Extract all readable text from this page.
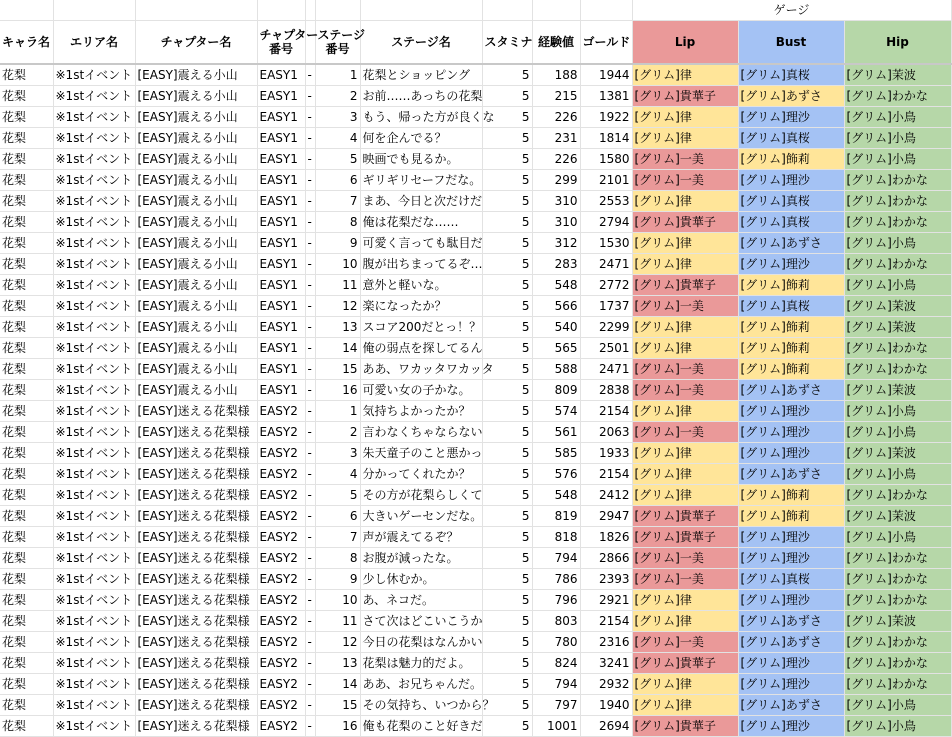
										ゲージ		
キャラ名	エリア名	チャプター名	チャプター
番号		ステージ
番号	ステージ名	スタミナ	経験値	ゴールド	Lip	Bust	Hip
花梨	※1stイベント	[EASY]震える小山	EASY1	-	1	花梨とショッピング	5	188	1944	[グリム]律	[グリム]真桜	[グリム]茉波
花梨	※1stイベント	[EASY]震える小山	EASY1	-	2	お前……あっちの花梨	5	215	1381	[グリム]貴華子	[グリム]あずさ	[グリム]わかな
花梨	※1stイベント	[EASY]震える小山	EASY1	-	3	もう、帰った方が良くな	5	226	1922	[グリム]律	[グリム]理沙	[グリム]小鳥
花梨	※1stイベント	[EASY]震える小山	EASY1	-	4	何を企んでる？	5	231	1814	[グリム]律	[グリム]真桜	[グリム]小鳥
花梨	※1stイベント	[EASY]震える小山	EASY1	-	5	映画でも見るか。	5	226	1580	[グリム]一美	[グリム]飾莉	[グリム]小鳥
花梨	※1stイベント	[EASY]震える小山	EASY1	-	6	ギリギリセーフだな。	5	299	2101	[グリム]一美	[グリム]理沙	[グリム]わかな
花梨	※1stイベント	[EASY]震える小山	EASY1	-	7	まあ、今日と次だけだ	5	310	2553	[グリム]律	[グリム]真桜	[グリム]わかな
花梨	※1stイベント	[EASY]震える小山	EASY1	-	8	俺は花梨だな……	5	310	2794	[グリム]貴華子	[グリム]真桜	[グリム]わかな
花梨	※1stイベント	[EASY]震える小山	EASY1	-	9	可愛く言っても駄目だ	5	312	1530	[グリム]律	[グリム]あずさ	[グリム]小鳥
花梨	※1stイベント	[EASY]震える小山	EASY1	-	10	腹が出ちまってるぞ…	5	283	2471	[グリム]律	[グリム]理沙	[グリム]わかな
花梨	※1stイベント	[EASY]震える小山	EASY1	-	11	意外と軽いな。	5	548	2772	[グリム]貴華子	[グリム]飾莉	[グリム]小鳥
花梨	※1stイベント	[EASY]震える小山	EASY1	-	12	楽になったか？	5	566	1737	[グリム]一美	[グリム]真桜	[グリム]茉波
花梨	※1stイベント	[EASY]震える小山	EASY1	-	13	スコア200だとっ！？	5	540	2299	[グリム]律	[グリム]飾莉	[グリム]茉波
花梨	※1stイベント	[EASY]震える小山	EASY1	-	14	俺の弱点を探してるん	5	565	2501	[グリム]律	[グリム]飾莉	[グリム]わかな
花梨	※1stイベント	[EASY]震える小山	EASY1	-	15	ああ、ワカッタワカッタ	5	588	2471	[グリム]一美	[グリム]飾莉	[グリム]わかな
花梨	※1stイベント	[EASY]震える小山	EASY1	-	16	可愛い女の子かな。	5	809	2838	[グリム]一美	[グリム]あずさ	[グリム]茉波
花梨	※1stイベント	[EASY]迷える花梨様	EASY2	-	1	気持ちよかったか？	5	574	2154	[グリム]律	[グリム]理沙	[グリム]小鳥
花梨	※1stイベント	[EASY]迷える花梨様	EASY2	-	2	言わなくちゃならない	5	561	2063	[グリム]一美	[グリム]理沙	[グリム]小鳥
花梨	※1stイベント	[EASY]迷える花梨様	EASY2	-	3	朱天童子のこと悪かっ	5	585	1933	[グリム]律	[グリム]理沙	[グリム]茉波
花梨	※1stイベント	[EASY]迷える花梨様	EASY2	-	4	分かってくれたか？	5	576	2154	[グリム]律	[グリム]あずさ	[グリム]小鳥
花梨	※1stイベント	[EASY]迷える花梨様	EASY2	-	5	その方が花梨らしくて	5	548	2412	[グリム]律	[グリム]飾莉	[グリム]わかな
花梨	※1stイベント	[EASY]迷える花梨様	EASY2	-	6	大きいゲーセンだな。	5	819	2947	[グリム]貴華子	[グリム]飾莉	[グリム]茉波
花梨	※1stイベント	[EASY]迷える花梨様	EASY2	-	7	声が震えてるぞ？	5	818	1826	[グリム]貴華子	[グリム]理沙	[グリム]小鳥
花梨	※1stイベント	[EASY]迷える花梨様	EASY2	-	8	お腹が減ったな。	5	794	2866	[グリム]一美	[グリム]理沙	[グリム]わかな
花梨	※1stイベント	[EASY]迷える花梨様	EASY2	-	9	少し休むか。	5	786	2393	[グリム]一美	[グリム]真桜	[グリム]わかな
花梨	※1stイベント	[EASY]迷える花梨様	EASY2	-	10	あ、ネコだ。	5	796	2921	[グリム]律	[グリム]理沙	[グリム]わかな
花梨	※1stイベント	[EASY]迷える花梨様	EASY2	-	11	さて次はどこいこうか	5	803	2154	[グリム]律	[グリム]あずさ	[グリム]茉波
花梨	※1stイベント	[EASY]迷える花梨様	EASY2	-	12	今日の花梨はなんかい	5	780	2316	[グリム]一美	[グリム]あずさ	[グリム]わかな
花梨	※1stイベント	[EASY]迷える花梨様	EASY2	-	13	花梨は魅力的だよ。	5	824	3241	[グリム]貴華子	[グリム]理沙	[グリム]わかな
花梨	※1stイベント	[EASY]迷える花梨様	EASY2	-	14	ああ、お兄ちゃんだ。	5	794	2932	[グリム]律	[グリム]理沙	[グリム]わかな
花梨	※1stイベント	[EASY]迷える花梨様	EASY2	-	15	その気持ち、いつから？	5	797	1940	[グリム]律	[グリム]あずさ	[グリム]小鳥
花梨	※1stイベント	[EASY]迷える花梨様	EASY2	-	16	俺も花梨のこと好きだ	5	1001	2694	[グリム]貴華子	[グリム]理沙	[グリム]小鳥
